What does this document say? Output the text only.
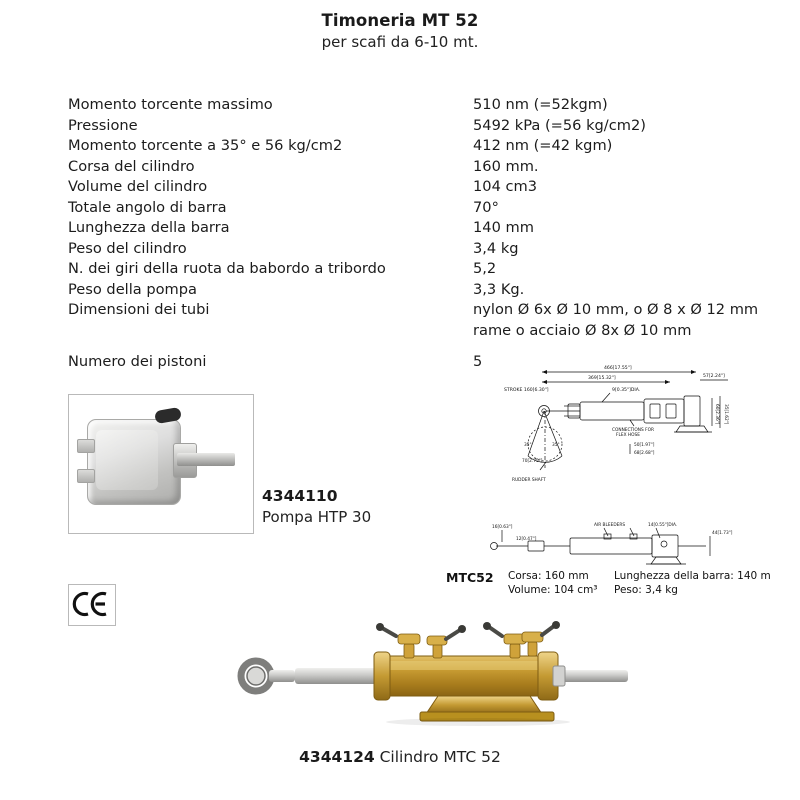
Timoneria MT 52
per scafi da 6-10 mt.
Momento torcente massimo	510 nm (=52kgm)
Pressione	5492 kPa (=56 kg/cm2)
Momento torcente a 35° e 56 kg/cm2	412 nm (=42 kgm)
Corsa del cilindro	160 mm.
Volume del cilindro	104 cm3
Totale angolo di barra	70°
Lunghezza della barra	140 mm
Peso del cilindro	3,4 kg
N. dei giri della ruota da babordo a tribordo	5,2
Peso della pompa	3,3 Kg.
Dimensioni dei tubi	nylon Ø 6x Ø 10 mm, o Ø 8 x Ø 12 mm
rame o acciaio Ø 8x Ø 10 mm
Numero dei pistoni	5
4344110
Pompa HTP 30
466[17.55"]
369[15.32"]	57[2.24"]
9[0.35"]DIA.
STROKE 160[6.30"]
CONNECTIONS FOR
FLEX HOSE
70[2.75"]
35°	35°
RUDDER SHAFT
50[1.97"]
68[2.68"]
60[2.36"] 35[1.62"]
16[0.63"]
12[0.47"]
AIR BLEEDERS	14[0.55"]DIA.
44[1.73"]
MTC52 Corsa: 160 mm
Volume: 104 cm³
Lunghezza della barra: 140 m
Peso: 3,4 kg
4344124 Cilindro MTC 52
